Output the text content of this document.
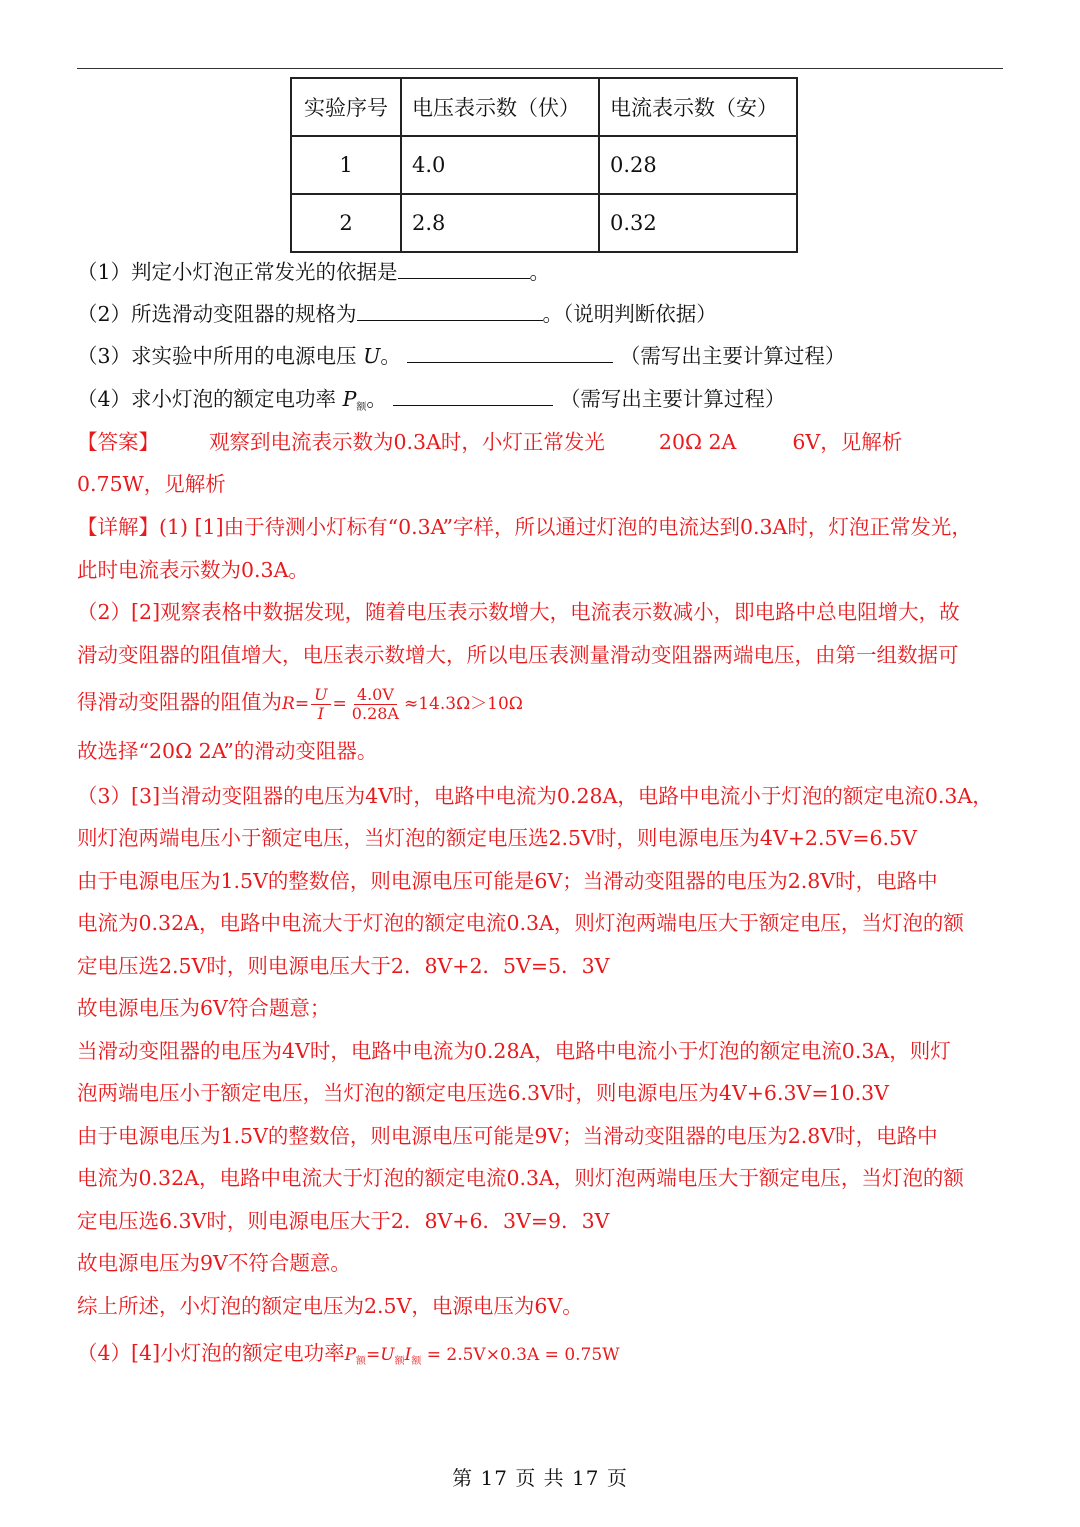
实验序号	电压表示数（伏）	电流表示数（安）
1	4.0	0.28
2	2.8	0.32
（1）判定小灯泡正常发光的依据是	。
（2）所选滑动变阻器的规格为	。（说明判断依据）
（3）求实验中所用的电源电压 U。	（需写出主要计算过程）
（4）求小灯泡的额定电功率 $P_额$。	（需写出主要计算过程）
【答案】 观察到电流表示数为0.3A时，小灯正常发光	20Ω 2A	6V，见解析
0.75W，见解析
【详解】(1) [1]由于待测小灯标有“0.3A”字样，所以通过灯泡的电流达到0.3A时，灯泡正常发光，
此时电流表示数为0.3A。
（2）[2]观察表格中数据发现，随着电压表示数增大，电流表示数减小，即电路中总电阻增大，故
滑动变阻器的阻值增大，电压表示数增大，所以电压表测量滑动变阻器两端电压，由第一组数据可
得滑动变阻器的阻值为$R= \frac{U}{I} = \frac{4.0V}{0.28A} \approx 14.3\Omega>10\Omega$
故选择“20Ω 2A”的滑动变阻器。
（3）[3]当滑动变阻器的电压为4V时，电路中电流为0.28A，电路中电流小于灯泡的额定电流0.3A，
则灯泡两端电压小于额定电压，当灯泡的额定电压选2.5V时，则电源电压为4V+2.5V=6.5V
由于电源电压为1.5V的整数倍，则电源电压可能是6V；当滑动变阻器的电压为2.8V时，电路中
电流为0.32A，电路中电流大于灯泡的额定电流0.3A，则灯泡两端电压大于额定电压，当灯泡的额
定电压选2.5V时，则电源电压大于2．8V+2．5V=5．3V
故电源电压为6V符合题意；
当滑动变阻器的电压为4V时，电路中电流为0.28A，电路中电流小于灯泡的额定电流0.3A，则灯
泡两端电压小于额定电压，当灯泡的额定电压选6.3V时，则电源电压为4V+6.3V=10.3V
由于电源电压为1.5V的整数倍，则电源电压可能是9V；当滑动变阻器的电压为2.8V时，电路中
电流为0.32A，电路中电流大于灯泡的额定电流0.3A，则灯泡两端电压大于额定电压，当灯泡的额
定电压选6.3V时，则电源电压大于2．8V+6．3V=9．3V
故电源电压为9V不符合题意。
综上所述，小灯泡的额定电压为2.5V，电源电压为6V。
（4）[4]小灯泡的额定电功率$P_额=U_额I_额 = 2.5V\times 0.3A = 0.75W$
第 17 页 共 17 页
